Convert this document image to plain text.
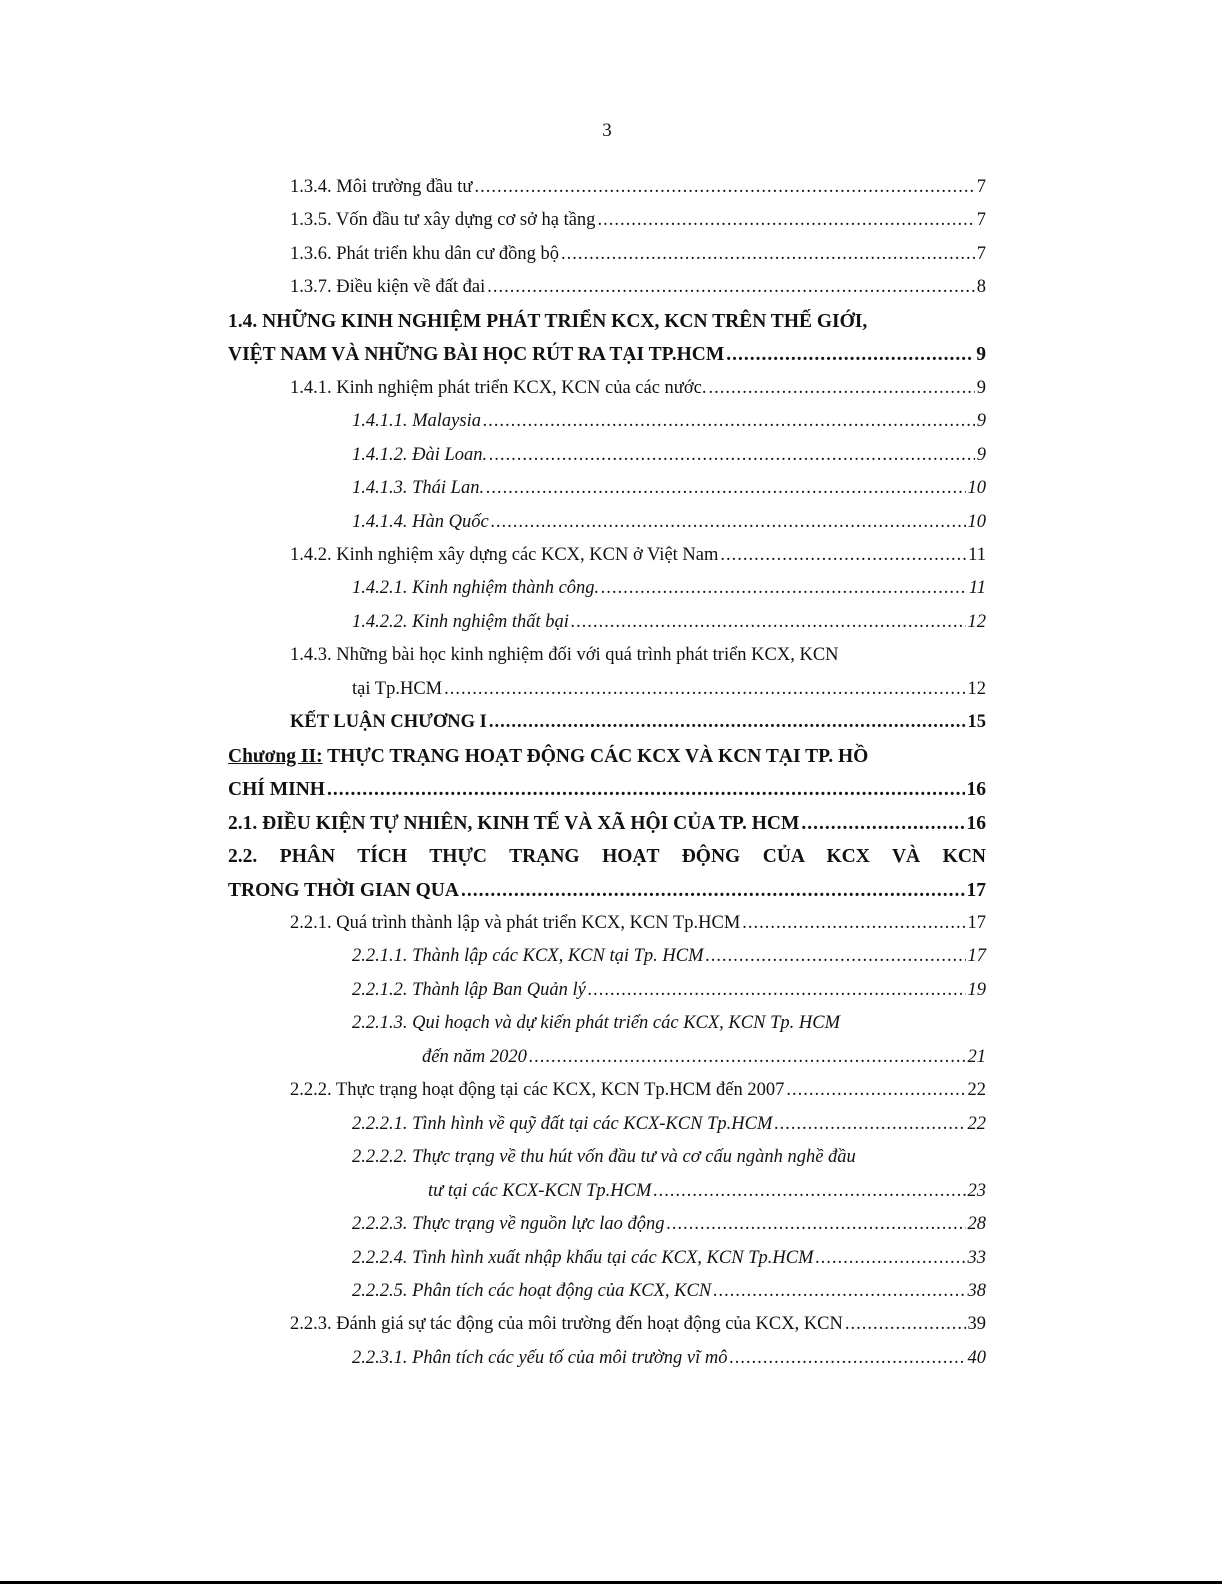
3
1.3.4. Môi trường đầu tư .....	7
1.3.5. Vốn đầu tư xây dựng cơ sở hạ tầng .....	7
1.3.6. Phát triển khu dân cư đồng bộ .....	7
1.3.7. Điều kiện về đất đai .....	8
1.4. NHỮNG KINH NGHIỆM PHÁT TRIỂN KCX, KCN TRÊN THẾ GIỚI,
VIỆT NAM VÀ NHỮNG BÀI HỌC RÚT RA TẠI TP.HCM .....	9
1.4.1. Kinh nghiệm phát triển KCX, KCN của các nước. .....	9
1.4.1.1. Malaysia .....	9
1.4.1.2. Đài Loan. .....	9
1.4.1.3. Thái Lan. .....	10
1.4.1.4. Hàn Quốc .....	10
1.4.2. Kinh nghiệm xây dựng các KCX, KCN ở Việt Nam .....	11
1.4.2.1. Kinh nghiệm thành công. .....	11
1.4.2.2. Kinh nghiệm thất bại .....	12
1.4.3. Những bài học kinh nghiệm đối với quá trình phát triển KCX, KCN
tại Tp.HCM .....	12
KẾT LUẬN CHƯƠNG I .....	15
Chương II: THỰC TRẠNG HOẠT ĐỘNG CÁC KCX VÀ KCN TẠI TP. HỒ
CHÍ MINH .....	16
2.1. ĐIỀU KIỆN TỰ NHIÊN, KINH TẾ VÀ XÃ HỘI CỦA TP. HCM .....	16
2.2. PHÂN TÍCH THỰC TRẠNG HOẠT ĐỘNG CỦA KCX VÀ KCN
TRONG THỜI GIAN QUA .....	17
2.2.1. Quá trình thành lập và phát triển KCX, KCN Tp.HCM .....	17
2.2.1.1. Thành lập các KCX, KCN tại Tp. HCM .....	17
2.2.1.2. Thành lập Ban Quản lý .....	19
2.2.1.3. Qui hoạch và dự kiến phát triển các KCX, KCN Tp. HCM
đến năm 2020 .....	21
2.2.2. Thực trạng hoạt động tại các KCX, KCN Tp.HCM đến 2007 .....	22
2.2.2.1. Tình hình về quỹ đất tại các KCX-KCN Tp.HCM .....	22
2.2.2.2. Thực trạng về thu hút vốn đầu tư và cơ cấu ngành nghề đầu
tư tại các KCX-KCN Tp.HCM .....	23
2.2.2.3. Thực trạng về nguồn lực lao động .....	28
2.2.2.4. Tình hình xuất nhập khẩu tại các KCX, KCN Tp.HCM .....	33
2.2.2.5. Phân tích các hoạt động của KCX, KCN .....	38
2.2.3. Đánh giá sự tác động của môi trường đến hoạt động của KCX, KCN .....	39
2.2.3.1. Phân tích các yếu tố của môi trường vĩ mô .....	40
